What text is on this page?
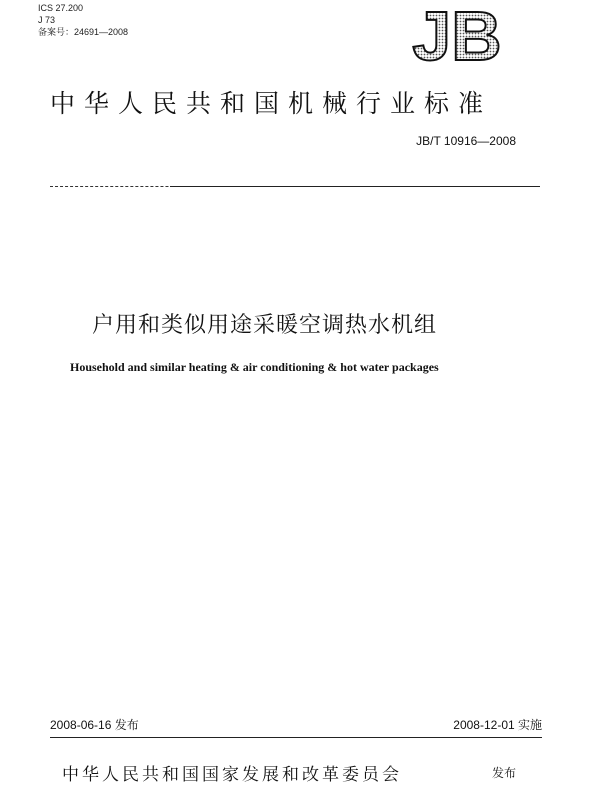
ICS 27.200
J 73
备案号：24691—2008	JB
中华人民共和国机械行业标准
JB/T 10916—2008
户用和类似用途采暖空调热水机组
Household and similar heating & air conditioning & hot water packages
2008-06-16 发布	2008-12-01 实施
中华人民共和国国家发展和改革委员会	发布
